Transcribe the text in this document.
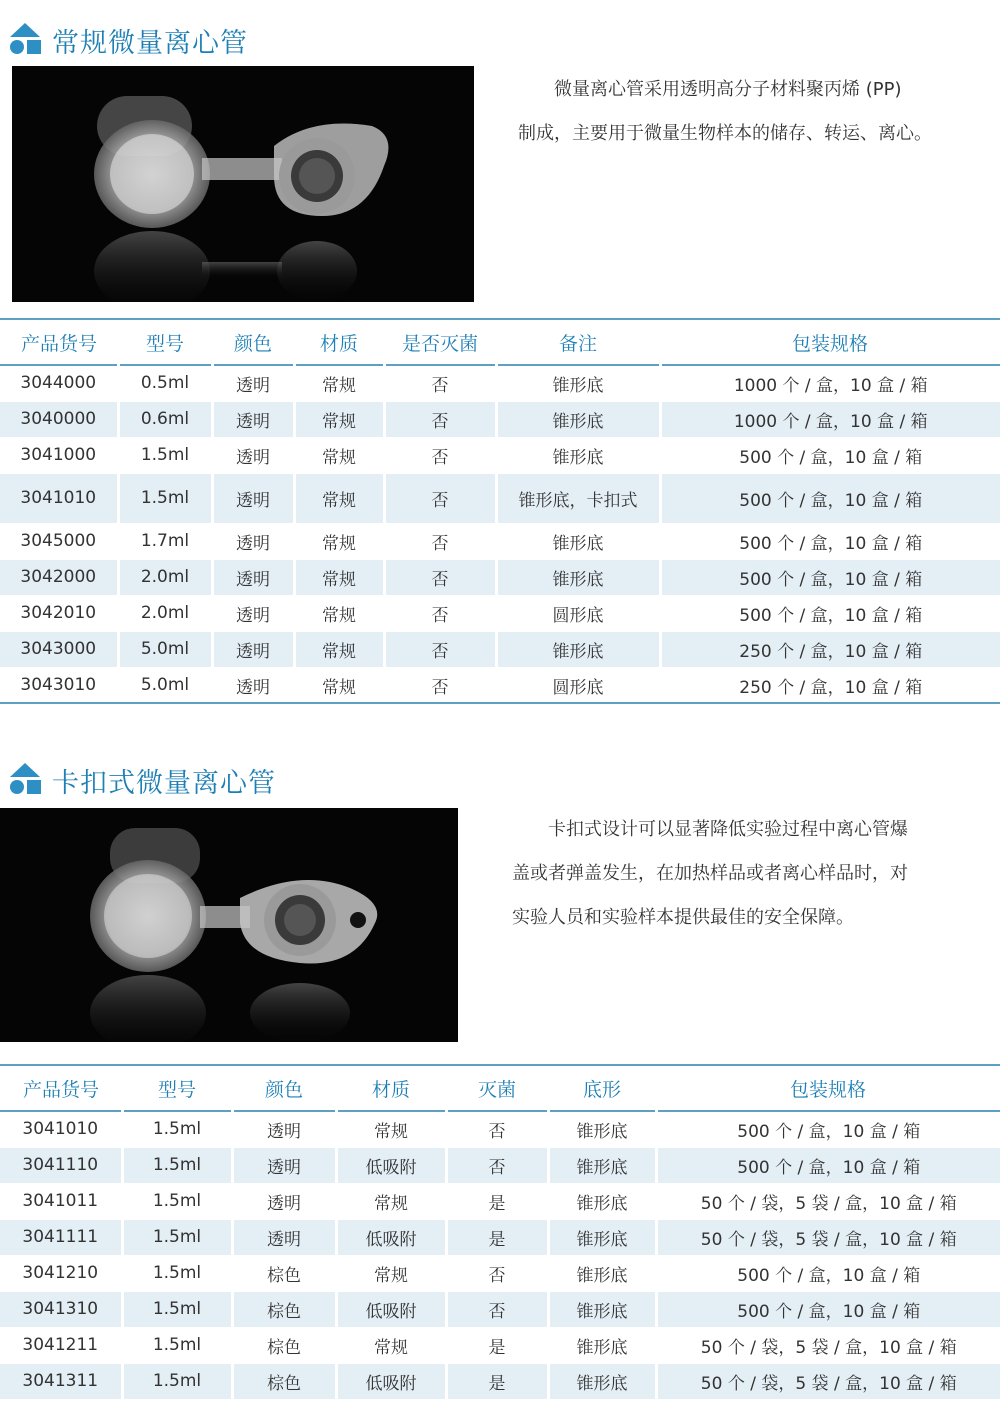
常规微量离心管
微量离心管采用透明高分子材料聚丙烯 (PP)
制成，主要用于微量生物样本的储存、转运、离心。
产品货号	型号	颜色	材质	是否灭菌	备注	包装规格
3044000	0.5ml	透明	常规	否	锥形底	1000 个 / 盒，10 盒 / 箱
3040000	0.6ml	透明	常规	否	锥形底	1000 个 / 盒，10 盒 / 箱
3041000	1.5ml	透明	常规	否	锥形底	500 个 / 盒，10 盒 / 箱
3041010	1.5ml	透明	常规	否	锥形底，卡扣式	500 个 / 盒，10 盒 / 箱
3045000	1.7ml	透明	常规	否	锥形底	500 个 / 盒，10 盒 / 箱
3042000	2.0ml	透明	常规	否	锥形底	500 个 / 盒，10 盒 / 箱
3042010	2.0ml	透明	常规	否	圆形底	500 个 / 盒，10 盒 / 箱
3043000	5.0ml	透明	常规	否	锥形底	250 个 / 盒，10 盒 / 箱
3043010	5.0ml	透明	常规	否	圆形底	250 个 / 盒，10 盒 / 箱
卡扣式微量离心管
卡扣式设计可以显著降低实验过程中离心管爆
盖或者弹盖发生，在加热样品或者离心样品时，对
实验人员和实验样本提供最佳的安全保障。
产品货号	型号	颜色	材质	灭菌	底形	包装规格
3041010	1.5ml	透明	常规	否	锥形底	500 个 / 盒，10 盒 / 箱
3041110	1.5ml	透明	低吸附	否	锥形底	500 个 / 盒，10 盒 / 箱
3041011	1.5ml	透明	常规	是	锥形底	50 个 / 袋，5 袋 / 盒，10 盒 / 箱
3041111	1.5ml	透明	低吸附	是	锥形底	50 个 / 袋，5 袋 / 盒，10 盒 / 箱
3041210	1.5ml	棕色	常规	否	锥形底	500 个 / 盒，10 盒 / 箱
3041310	1.5ml	棕色	低吸附	否	锥形底	500 个 / 盒，10 盒 / 箱
3041211	1.5ml	棕色	常规	是	锥形底	50 个 / 袋，5 袋 / 盒，10 盒 / 箱
3041311	1.5ml	棕色	低吸附	是	锥形底	50 个 / 袋，5 袋 / 盒，10 盒 / 箱
